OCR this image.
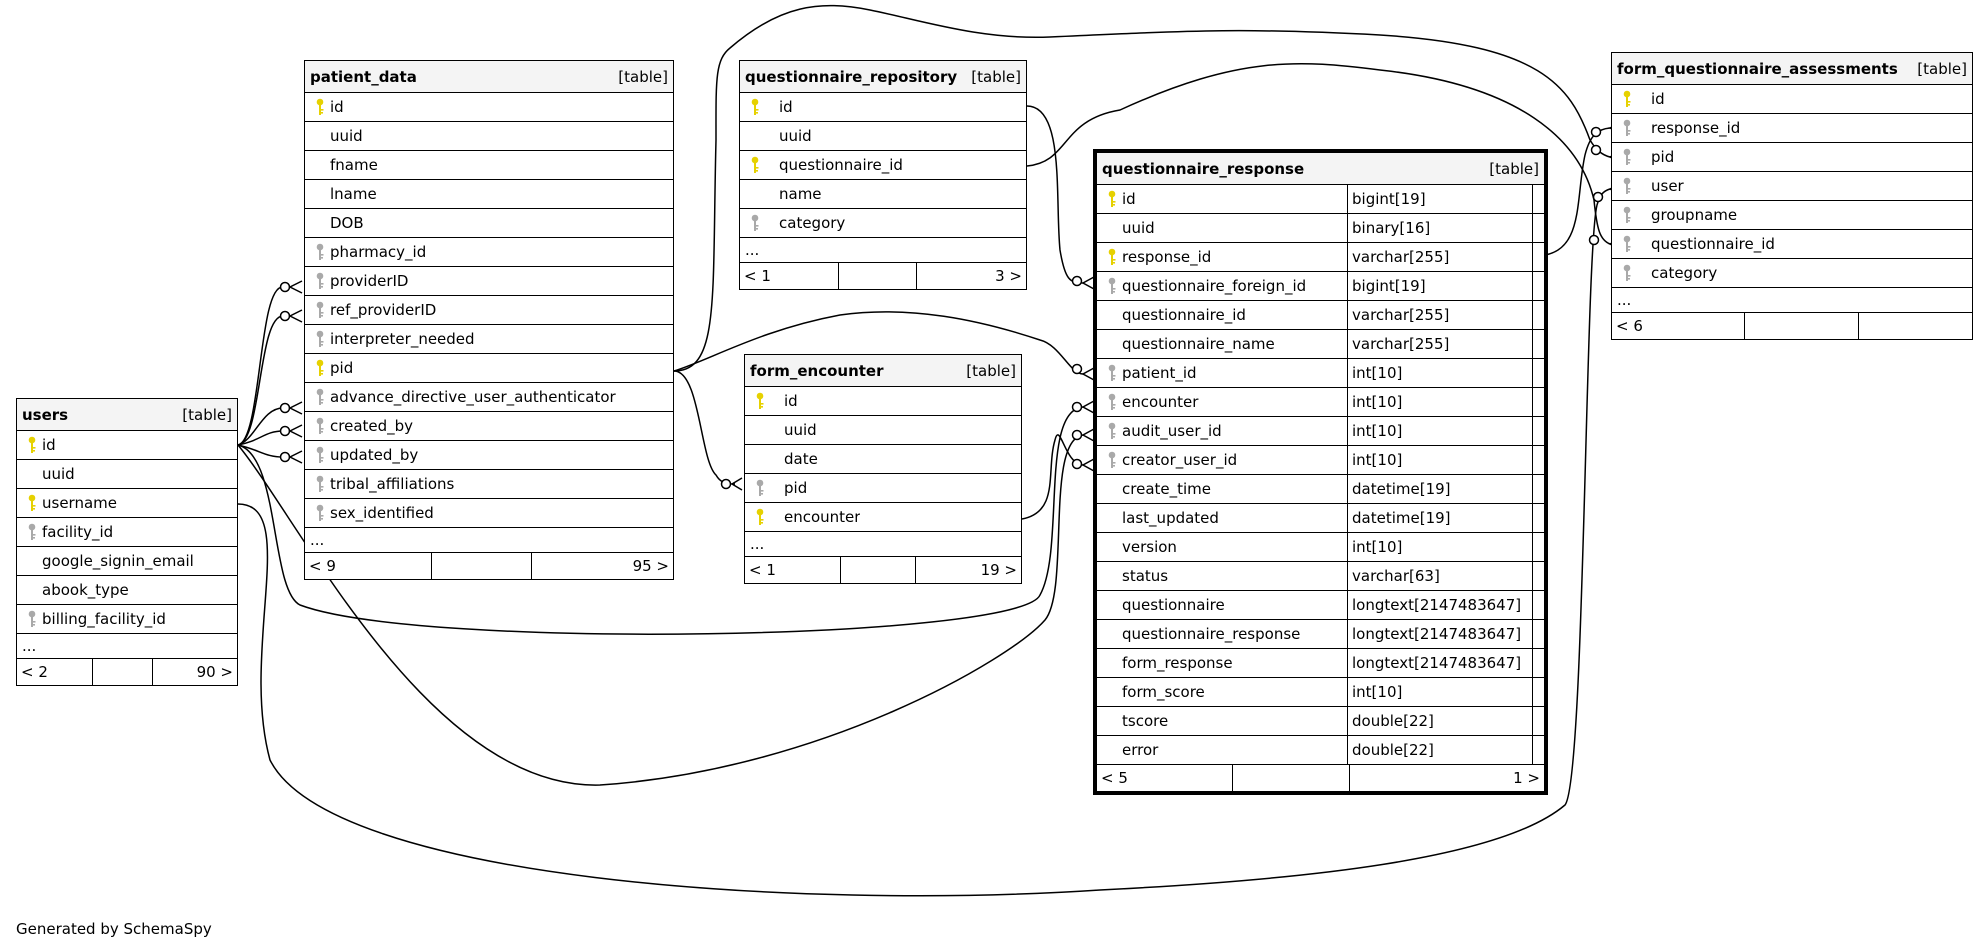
users	[table]
id
uuid
username
facility_id
google_signin_email
abook_type
billing_facility_id
...
< 2	90 >
patient_data	[table]
id
uuid
fname
lname
DOB
pharmacy_id
providerID
ref_providerID
interpreter_needed
pid
advance_directive_user_authenticator
created_by
updated_by
tribal_affiliations
sex_identified
...
< 9	95 >
questionnaire_repository [table]
id
uuid
questionnaire_id
name
category
...
< 1	3 >
form_encounter	[table]
id
uuid
date
pid
encounter
...
< 1	19 >
questionnaire_response	[table]
id	bigint[19]
uuid	binary[16]
response_id	varchar[255]
questionnaire_foreign_id	bigint[19]
questionnaire_id	varchar[255]
questionnaire_name	varchar[255]
patient_id	int[10]
encounter	int[10]
audit_user_id	int[10]
creator_user_id	int[10]
create_time	datetime[19]
last_updated	datetime[19]
version	int[10]
status	varchar[63]
questionnaire	longtext[2147483647]
questionnaire_response	longtext[2147483647]
form_response	longtext[2147483647]
form_score	int[10]
tscore	double[22]
error	double[22]
< 5	1 >
form_questionnaire_assessments [table]
id
response_id
pid
user
groupname
questionnaire_id
category
...
< 6
Generated by SchemaSpy
